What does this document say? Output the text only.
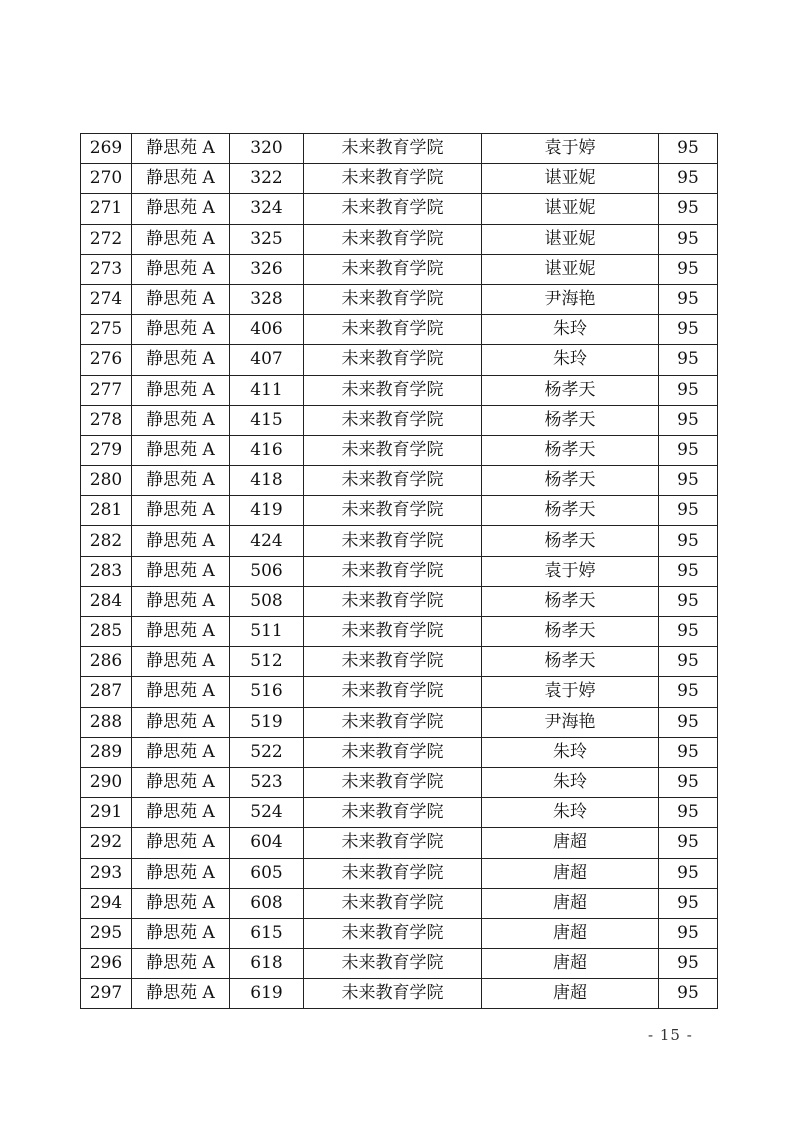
269	静思苑 A	320	未来教育学院	袁于婷	95
270	静思苑 A	322	未来教育学院	谌亚妮	95
271	静思苑 A	324	未来教育学院	谌亚妮	95
272	静思苑 A	325	未来教育学院	谌亚妮	95
273	静思苑 A	326	未来教育学院	谌亚妮	95
274	静思苑 A	328	未来教育学院	尹海艳	95
275	静思苑 A	406	未来教育学院	朱玲	95
276	静思苑 A	407	未来教育学院	朱玲	95
277	静思苑 A	411	未来教育学院	杨孝天	95
278	静思苑 A	415	未来教育学院	杨孝天	95
279	静思苑 A	416	未来教育学院	杨孝天	95
280	静思苑 A	418	未来教育学院	杨孝天	95
281	静思苑 A	419	未来教育学院	杨孝天	95
282	静思苑 A	424	未来教育学院	杨孝天	95
283	静思苑 A	506	未来教育学院	袁于婷	95
284	静思苑 A	508	未来教育学院	杨孝天	95
285	静思苑 A	511	未来教育学院	杨孝天	95
286	静思苑 A	512	未来教育学院	杨孝天	95
287	静思苑 A	516	未来教育学院	袁于婷	95
288	静思苑 A	519	未来教育学院	尹海艳	95
289	静思苑 A	522	未来教育学院	朱玲	95
290	静思苑 A	523	未来教育学院	朱玲	95
291	静思苑 A	524	未来教育学院	朱玲	95
292	静思苑 A	604	未来教育学院	唐超	95
293	静思苑 A	605	未来教育学院	唐超	95
294	静思苑 A	608	未来教育学院	唐超	95
295	静思苑 A	615	未来教育学院	唐超	95
296	静思苑 A	618	未来教育学院	唐超	95
297	静思苑 A	619	未来教育学院	唐超	95
- 15 -
